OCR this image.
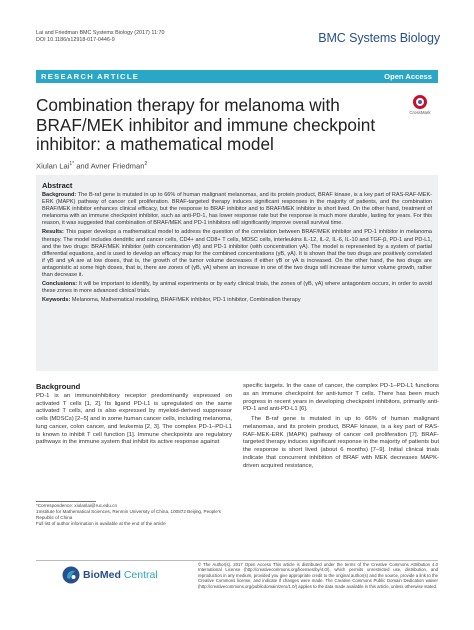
Lai and Friedman BMC Systems Biology (2017) 11:70
DOI 10.1186/s12918-017-0446-9	BMC Systems Biology
RESEARCH ARTICLE	Open Access
Combination therapy for melanoma with BRAF/MEK inhibitor and immune checkpoint inhibitor: a mathematical model
CrossMark
Xiulan Lai$^{1*}$ and Avner Friedman$^2$
Abstract

Background: The B-raf gene is mutated in up to 66% of human malignant melanomas, and its protein product, BRAF kinase, is a key part of RAS-RAF-MEK-ERK (MAPK) pathway of cancer cell proliferation. BRAF-targeted therapy induces significant responses in the majority of patients, and the combination BRAF/MEK inhibitor enhances clinical efficacy, but the response to BRAF inhibitor and to BRAF/MEK inhibitor is short lived. On the other hand, treatment of melanoma with an immune checkpoint inhibitor, such as anti-PD-1, has lower response rate but the response is much more durable, lasting for years. For this reason, it was suggested that combination of BRAF/MEK and PD-1 inhibitors will significantly improve overall survival time.

Results: This paper develops a mathematical model to address the question of the correlation between BRAF/MEK inhibitor and PD-1 inhibitor in melanoma therapy. The model includes dendritic and cancer cells, CD4+ and CD8+ T cells, MDSC cells, interleukins IL-12, IL-2, IL-6, IL-10 and TGF-β, PD-1 and PD-L1, and the two drugs: BRAF/MEK inhibitor (with concentration γB) and PD-1 inhibitor (with concentration γA). The model is represented by a system of partial differential equations, and is used to develop an efficacy map for the combined concentrations (γB, γA). It is shown that the two drugs are positively correlated if γB and γA are at low doses, that is, the growth of the tumor volume decreases if either γB or γA is increased. On the other hand, the two drugs are antagonistic at some high doses, that is, there are zones of (γB, γA) where an increase in one of the two drugs will increase the tumor volume growth, rather than decrease it.

Conclusions: It will be important to identify, by animal experiments or by early clinical trials, the zones of (γB, γA) where antagonism occurs, in order to avoid these zones in more advanced clinical trials.

Keywords: Melanoma, Mathematical modeling, BRAF/MEK inhibitor, PD-1 inhibitor, Combination therapy

Background

PD-1 is an immunoinhibitory receptor predominantly expressed on activated T cells [1, 2]. Its ligand PD-L1 is upregulated on the same activated T cells, and is also expressed by myeloid-derived suppressor cells (MDSCs) [2–5] and in some human cancer cells, including melanoma, lung cancer, colon cancer, and leukemia [2, 3]. The complex PD-1–PD-L1 is known to inhibit T cell function [1]. Immune checkpoints are regulatory pathways in the immune system that inhibit its active response against

specific targets. In the case of cancer, the complex PD-1–PD-L1 functions as an immune checkpoint for anti-tumor T cells. There has been much progress in recent years in developing checkpoint inhibitors, primarily anti-PD-1 and anti-PD-L1 [6].

The B-raf gene is mutated in up to 66% of human malignant melanomas, and its protein product, BRAF kinase, is a key part of RAS-RAF-MEK-ERK (MAPK) pathway of cancer cell proliferation [7]. BRAF-targeted therapy induces significant response in the majority of patients but the response is short lived (about 6 months) [7–9]. Initial clinical trials indicate that concurrent inhibition of BRAF with MEK decreases MAPK-driven acquired resistance,

*Correspondence: xiulanlai@ruc.edu.cn
1Institute for Mathematical Sciences, Renmin University of China, 100872 Beijing, People's Republic of China
Full list of author information is available at the end of the article
BioMed Central
© The Author(s). 2017 Open Access This article is distributed under the terms of the Creative Commons Attribution 4.0 International License (http://creativecommons.org/licenses/by/4.0/), which permits unrestricted use, distribution, and reproduction in any medium, provided you give appropriate credit to the original author(s) and the source, provide a link to the Creative Commons license, and indicate if changes were made. The Creative Commons Public Domain Dedication waiver (http://creativecommons.org/publicdomain/zero/1.0/) applies to the data made available in this article, unless otherwise stated.
